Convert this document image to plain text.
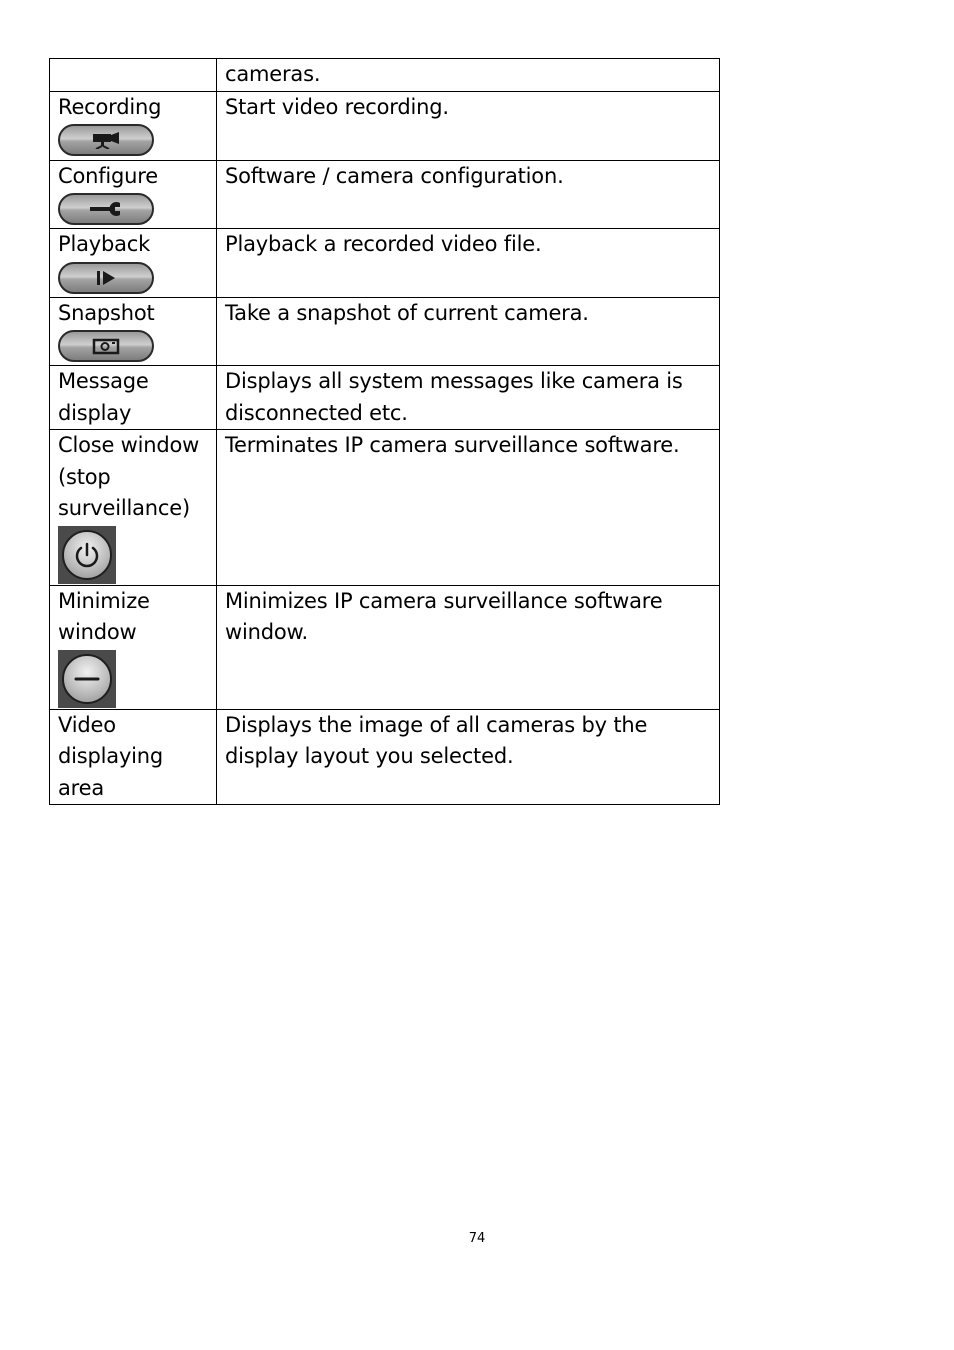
	cameras.

Recording	Start video recording.

Configure	Software / camera configuration.

Playback	Playback a recorded video file.

Snapshot	Take a snapshot of current camera.
Message display	Displays all system messages like camera is disconnected etc.

Close window (stop surveillance)	Terminates IP camera surveillance software.

Minimize window	Minimizes IP camera surveillance software window.
Video displaying area	Displays the image of all cameras by the display layout you selected.
74
